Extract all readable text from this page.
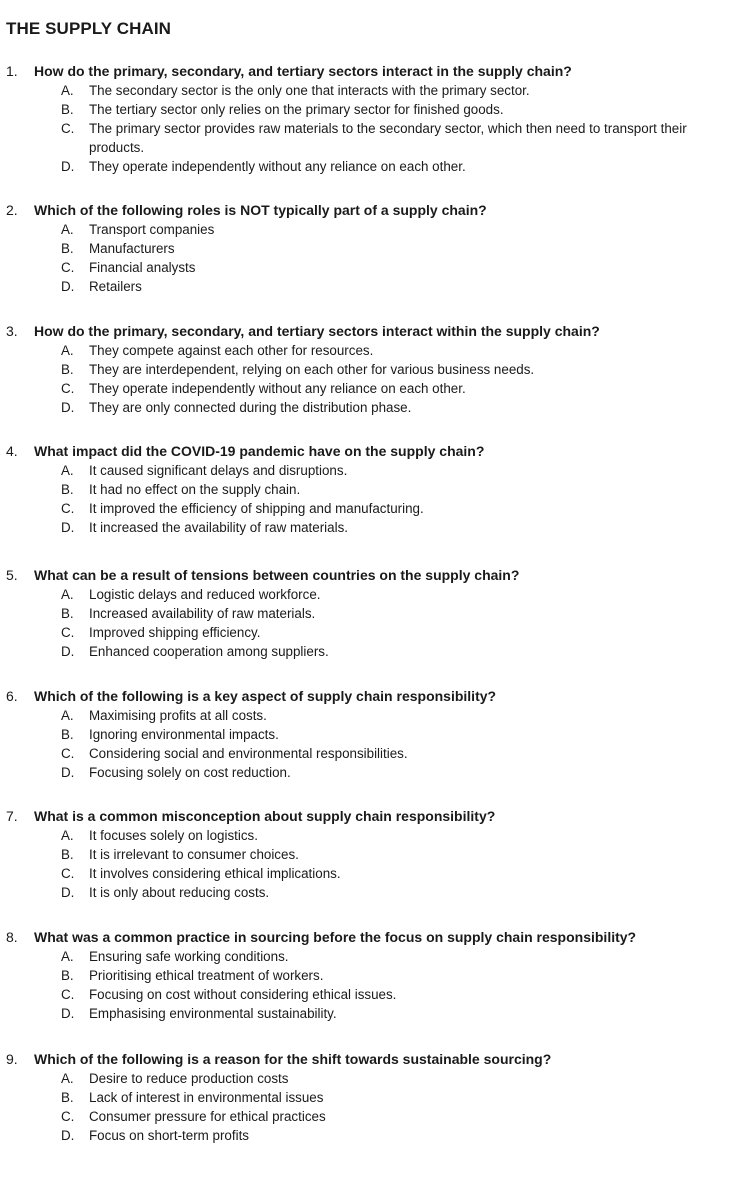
THE SUPPLY CHAIN
1. How do the primary, secondary, and tertiary sectors interact in the supply chain?
A. The secondary sector is the only one that interacts with the primary sector.
B. The tertiary sector only relies on the primary sector for finished goods.
C. The primary sector provides raw materials to the secondary sector, which then need to transport their products.
D. They operate independently without any reliance on each other.
2. Which of the following roles is NOT typically part of a supply chain?
A. Transport companies
B. Manufacturers
C. Financial analysts
D. Retailers
3. How do the primary, secondary, and tertiary sectors interact within the supply chain?
A. They compete against each other for resources.
B. They are interdependent, relying on each other for various business needs.
C. They operate independently without any reliance on each other.
D. They are only connected during the distribution phase.
4. What impact did the COVID-19 pandemic have on the supply chain?
A. It caused significant delays and disruptions.
B. It had no effect on the supply chain.
C. It improved the efficiency of shipping and manufacturing.
D. It increased the availability of raw materials.
5. What can be a result of tensions between countries on the supply chain?
A. Logistic delays and reduced workforce.
B. Increased availability of raw materials.
C. Improved shipping efficiency.
D. Enhanced cooperation among suppliers.
6. Which of the following is a key aspect of supply chain responsibility?
A. Maximising profits at all costs.
B. Ignoring environmental impacts.
C. Considering social and environmental responsibilities.
D. Focusing solely on cost reduction.
7. What is a common misconception about supply chain responsibility?
A. It focuses solely on logistics.
B. It is irrelevant to consumer choices.
C. It involves considering ethical implications.
D. It is only about reducing costs.
8. What was a common practice in sourcing before the focus on supply chain responsibility?
A. Ensuring safe working conditions.
B. Prioritising ethical treatment of workers.
C. Focusing on cost without considering ethical issues.
D. Emphasising environmental sustainability.
9. Which of the following is a reason for the shift towards sustainable sourcing?
A. Desire to reduce production costs
B. Lack of interest in environmental issues
C. Consumer pressure for ethical practices
D. Focus on short-term profits
